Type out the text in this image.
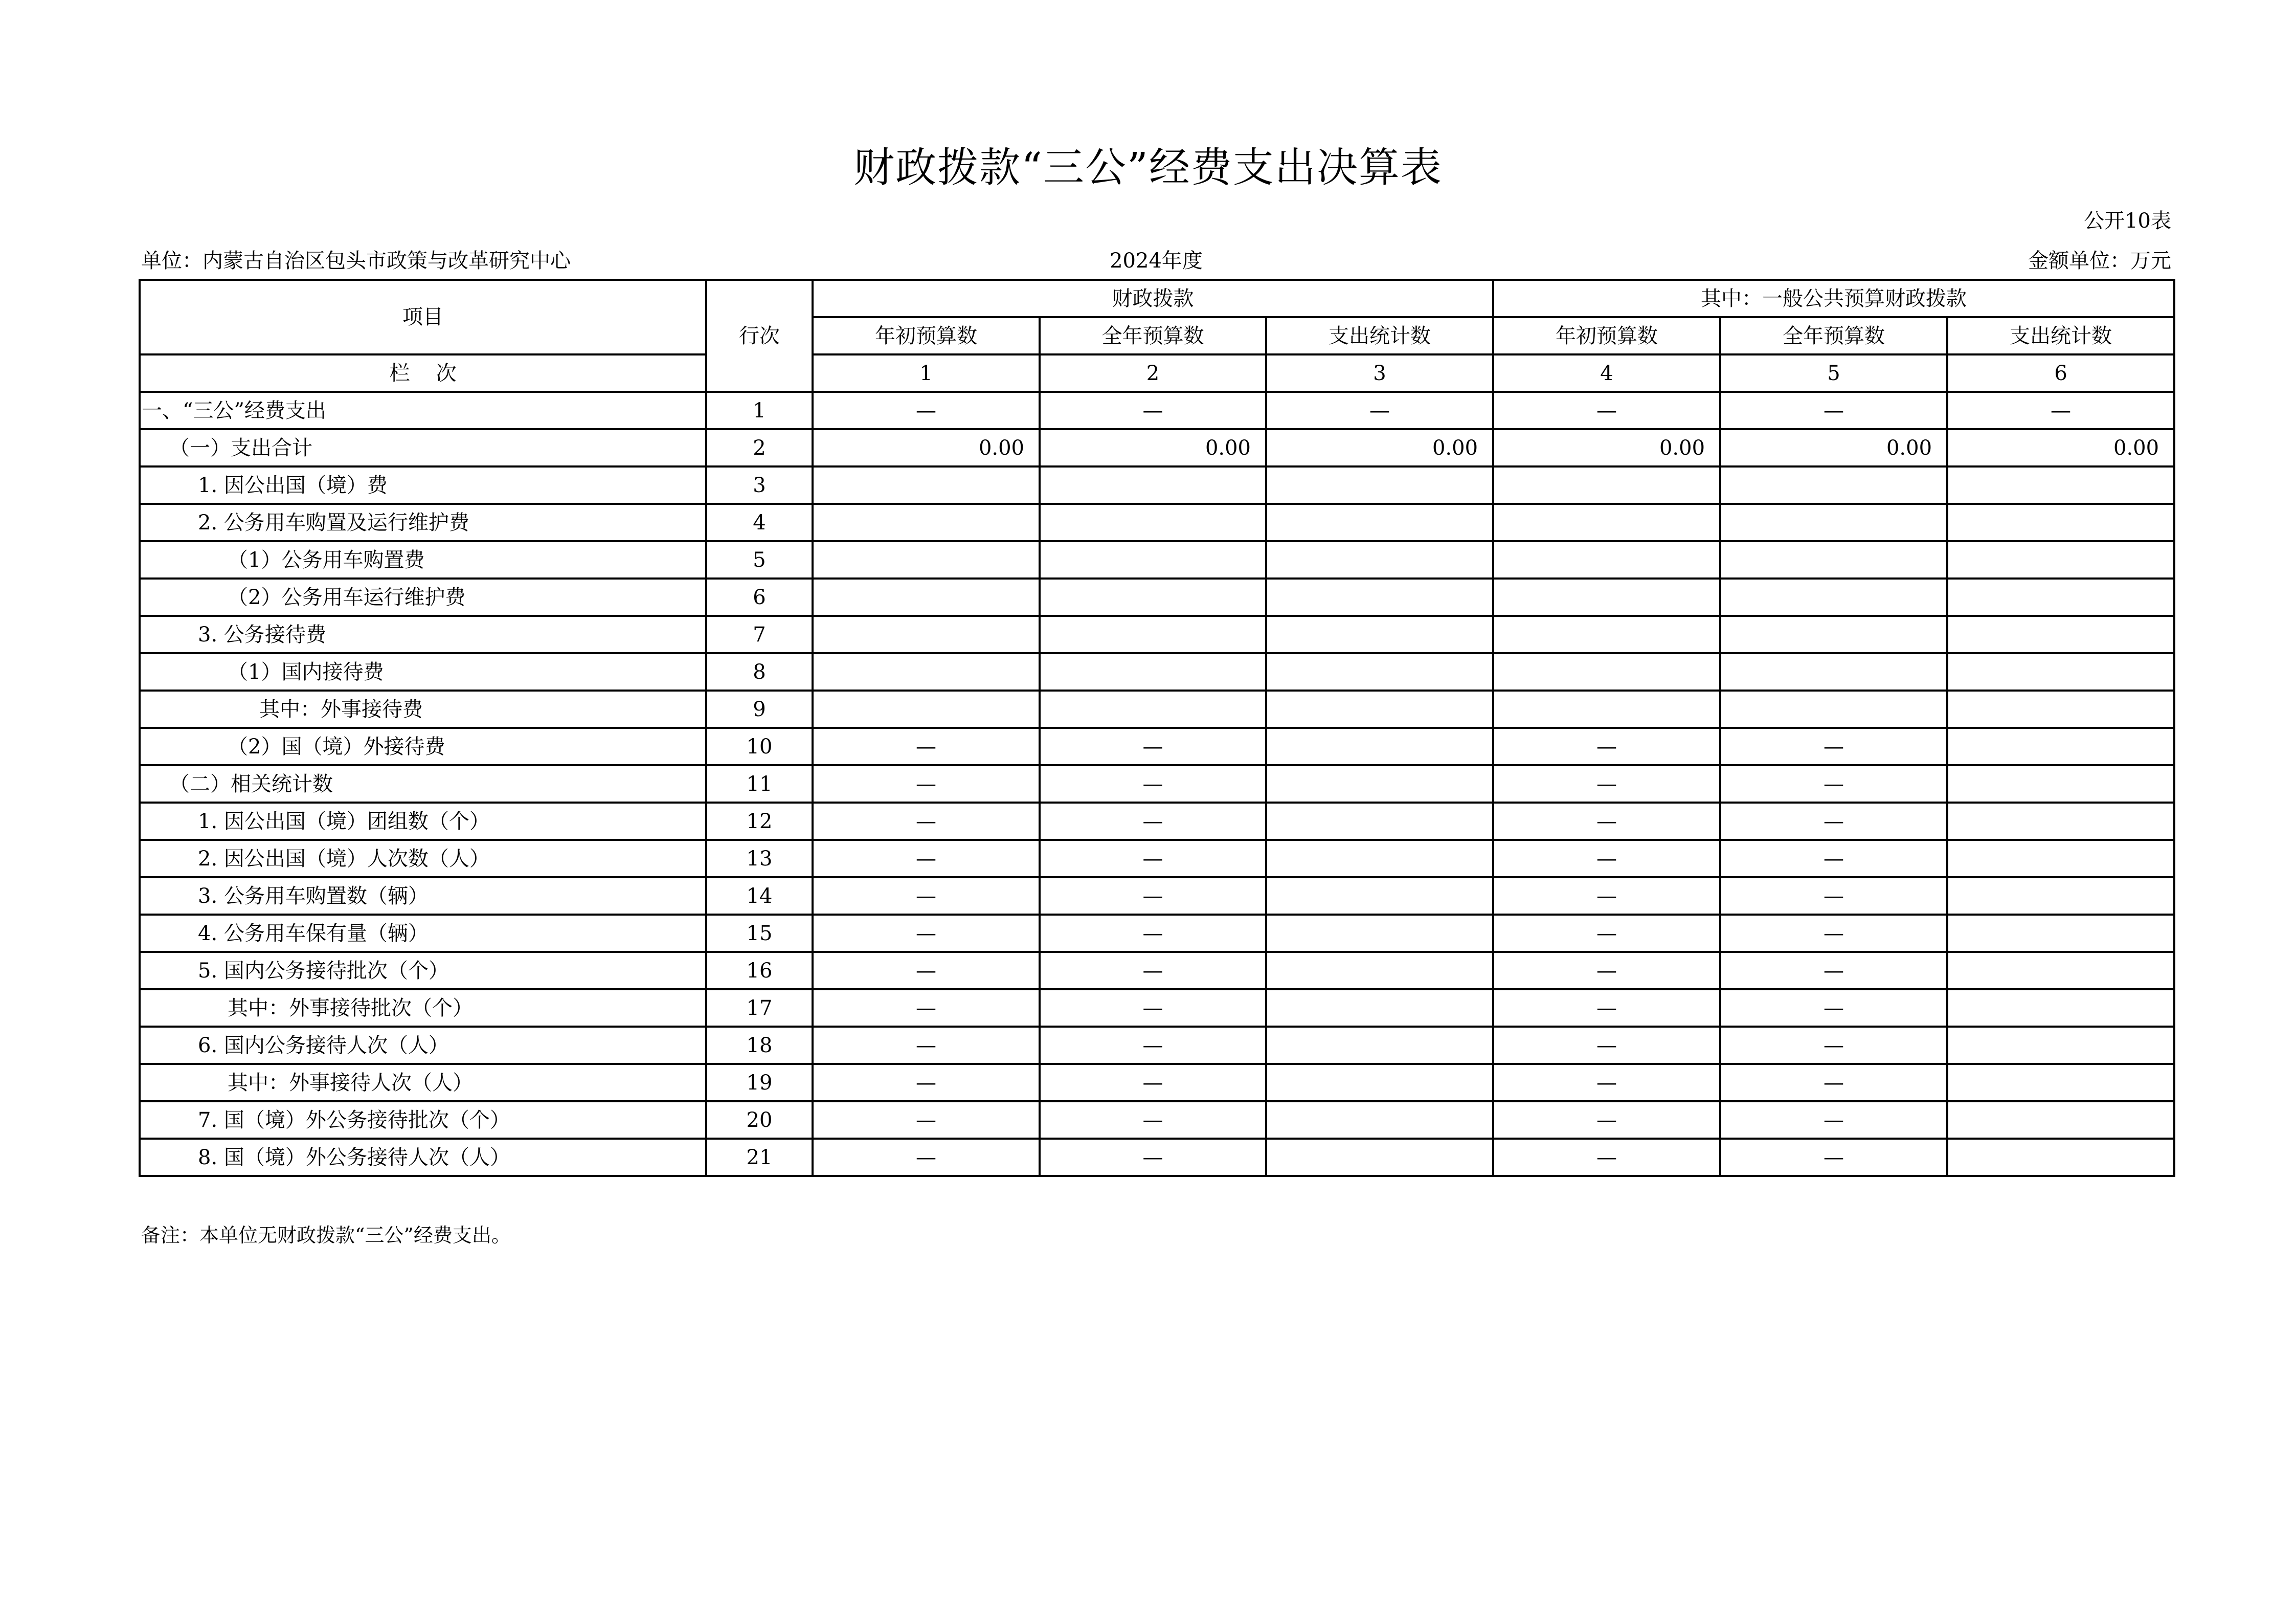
财政拨款“三公”经费支出决算表
公开10表
单位：内蒙古自治区包头市政策与改革研究中心	2024年度	金额单位：万元
项目	行次	财政拨款			其中：一般公共预算财政拨款		
		年初预算数	全年预算数	支出统计数	年初预算数	全年预算数	支出统计数
栏    次		1	2	3	4	5	6
一、“三公”经费支出	1	—	—	—	—	—	—
（一）支出合计	2	0.00	0.00	0.00	0.00	0.00	0.00
1. 因公出国（境）费	3						
2. 公务用车购置及运行维护费	4						
（1）公务用车购置费	5						
（2）公务用车运行维护费	6						
3. 公务接待费	7						
（1）国内接待费	8						
其中：外事接待费	9						
（2）国（境）外接待费	10	—	—		—	—	
（二）相关统计数	11	—	—		—	—	
1. 因公出国（境）团组数（个）	12	—	—		—	—	
2. 因公出国（境）人次数（人）	13	—	—		—	—	
3. 公务用车购置数（辆）	14	—	—		—	—	
4. 公务用车保有量（辆）	15	—	—		—	—	
5. 国内公务接待批次（个）	16	—	—		—	—	
其中：外事接待批次（个）	17	—	—		—	—	
6. 国内公务接待人次（人）	18	—	—		—	—	
其中：外事接待人次（人）	19	—	—		—	—	
7. 国（境）外公务接待批次（个）	20	—	—		—	—	
8. 国（境）外公务接待人次（人）	21	—	—		—	—	
备注：本单位无财政拨款“三公”经费支出。
